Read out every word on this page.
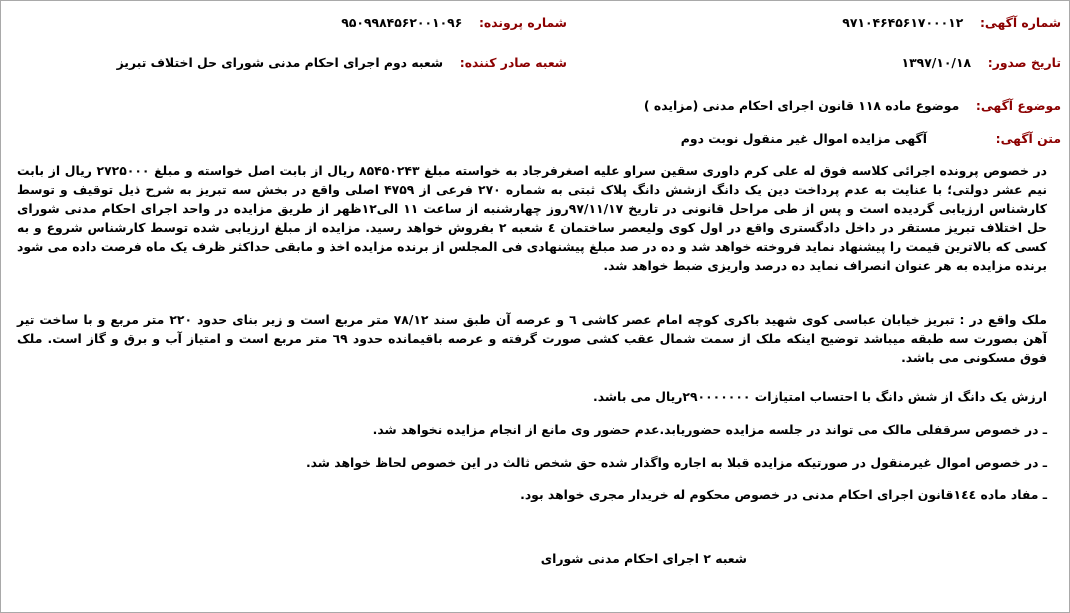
شماره آگهی:  ۹۷۱۰۴۶۴۵۶۱۷۰۰۰۱۲
شماره پرونده:  ۹۵۰۹۹۸۴۵۶۲۰۰۱۰۹۶
تاریخ صدور:  ۱۳۹۷/۱۰/۱۸
شعبه صادر کننده:  شعبه دوم اجرای احکام مدنی شورای حل اختلاف تبریز
موضوع آگهی:  موضوع ماده ۱۱۸ قانون اجرای احکام مدنی (مزایده )
متن آگهی:  آگهی مزایده اموال غیر منقول نوبت دوم
در خصوص پرونده اجرائی کلاسه فوق له علی کرم داوری سقین سراو علیه اصغرفرجاد به خواسته مبلغ ۸۵۴۵۰۲۴۳ ریال از بابت اصل خواسته و مبلغ ۲۷۲۵۰۰۰ ریال از بابت نیم عشر دولتی؛ با عنایت به عدم پرداخت دین یک دانگ ازشش دانگ پلاک ثبتی به شماره ۲۷۰ فرعی از ۴۷۵۹ اصلی واقع در بخش سه تبریز به شرح ذیل توقیف و توسط کارشناس ارزیابی گردیده است و پس از طی مراحل قانونی در تاریخ ۹۷/۱۱/۱۷روز چهارشنبه از ساعت ۱۱ الی۱۲ظهر از طریق مزایده در واحد اجرای احکام مدنی شورای حل اختلاف تبریز مستقر در داخل دادگستری واقع در اول کوی ولیعصر ساختمان ٤ شعبه ۲ بفروش خواهد رسید. مزایده از مبلغ ارزیابی شده توسط کارشناس شروع و به کسی که بالاترین قیمت را پیشنهاد نماید فروخته خواهد شد و ده در صد مبلغ پیشنهادی فی المجلس از برنده مزایده اخذ و مابقی حداکثر ظرف یک ماه فرصت داده می شود برنده مزایده به هر عنوان انصراف نماید ده درصد واریزی ضبط خواهد شد.
ملک واقع در : تبریز خیابان عباسی کوی شهید باکری کوچه امام عصر کاشی ٦ و عرصه آن طبق سند ۷۸/۱۲ متر مربع است و زیر بنای حدود ۲۲۰ متر مربع و با ساخت تیر آهن بصورت سه طبقه میباشد توضیح اینکه ملک از سمت شمال عقب کشی صورت گرفته و عرصه باقیمانده حدود ٦۹ متر مربع است و امتیاز آب و برق و گاز است. ملک فوق مسکونی می باشد.
ارزش یک دانگ از شش دانگ با احتساب امتیازات ۲۹۰۰۰۰۰۰۰ریال می باشد.
ـ در خصوص سرقفلی مالک می تواند در جلسه مزایده حضوریابد.عدم حضور وی مانع از انجام مزایده نخواهد شد.
ـ در خصوص اموال غیرمنقول در صورتیکه مزایده قبلا به اجاره واگذار شده حق شخص ثالث در این خصوص لحاظ خواهد شد.
ـ مفاد ماده ١٤٤قانون اجرای احکام مدنی در خصوص محکوم له خریدار مجری خواهد بود.
شعبه ۲ اجرای احکام مدنی شورای
